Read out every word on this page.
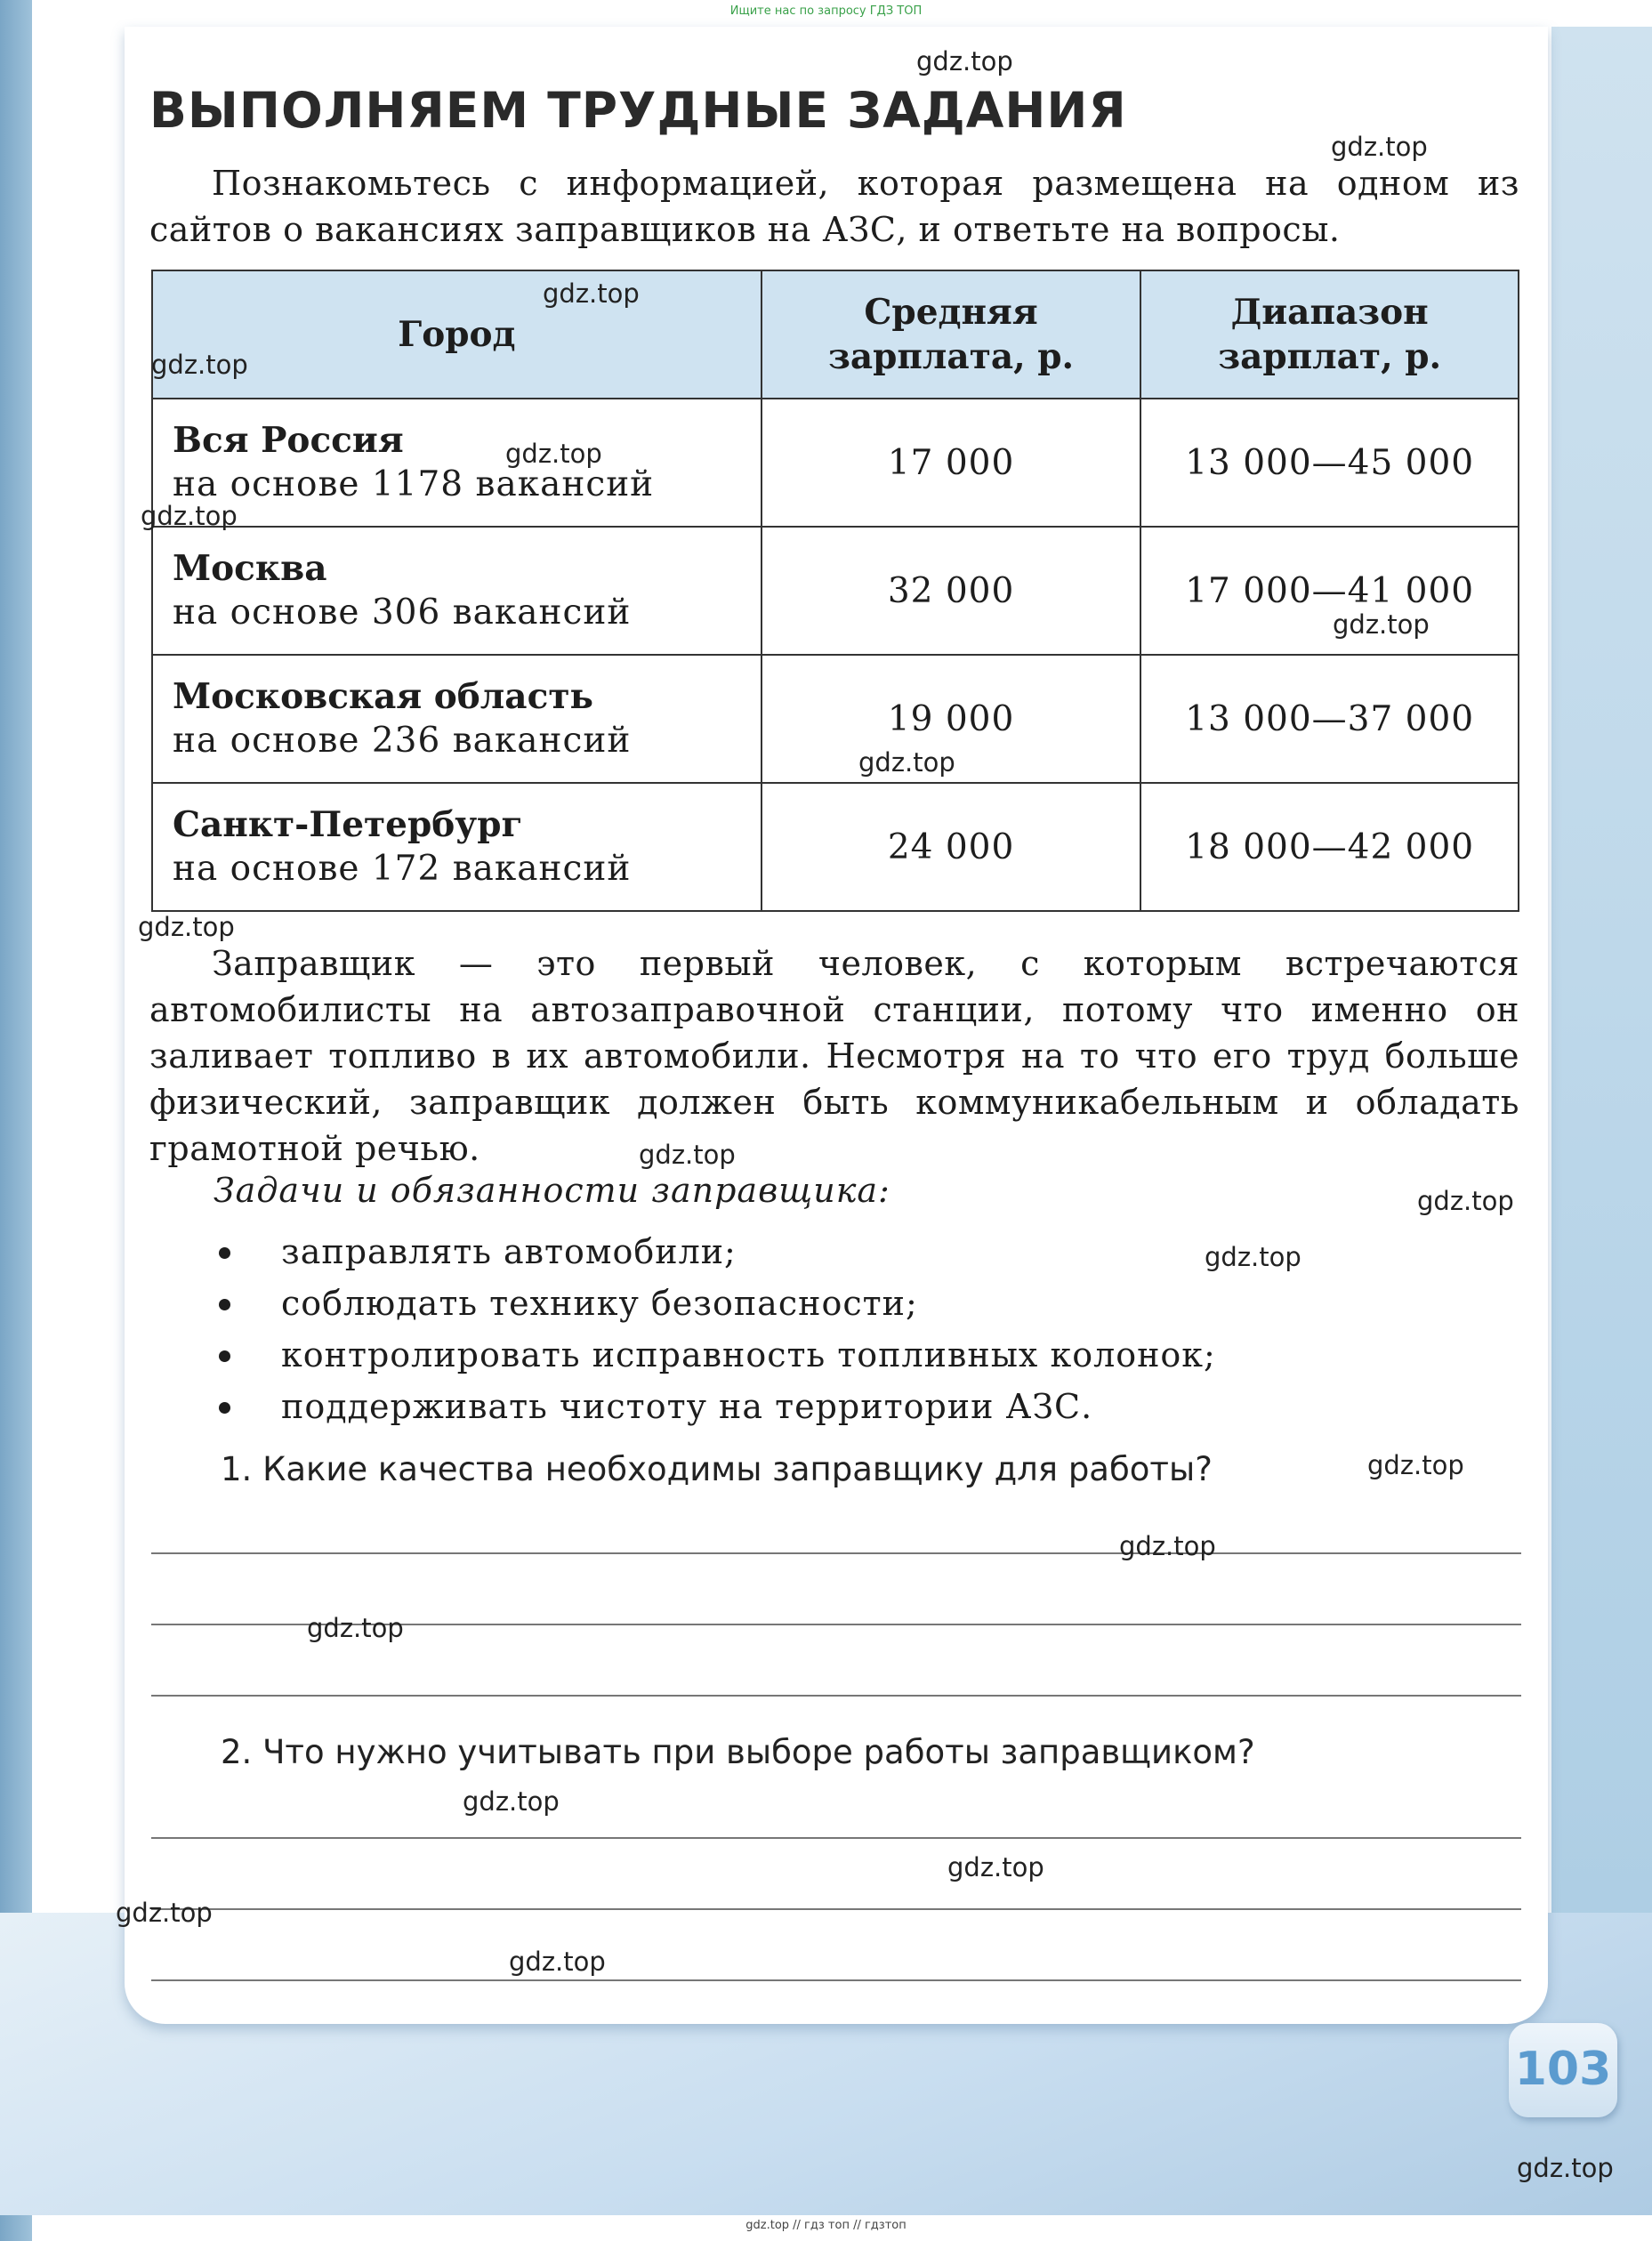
Ищите нас по запросу ГДЗ ТОП
ВЫПОЛНЯЕМ ТРУДНЫЕ ЗАДАНИЯ
Познакомьтесь с информацией, которая размещена на одном из сайтов о вакансиях заправщиков на АЗС, и ответьте на вопросы.
Город	Средняя зарплата, р.	Диапазон зарплат, р.

Вся Россия
на основе 1178 вакансий	17 000	13 000—45 000

Москва
на основе 306 вакансий	32 000	17 000—41 000

Московская область
на основе 236 вакансий	19 000	13 000—37 000

Санкт-Петербург
на основе 172 вакансий	24 000	18 000—42 000
Заправщик — это первый человек, с которым встречаются автомобилисты на автозаправочной станции, потому что именно он заливает топливо в их автомобили. Несмотря на то что его труд больше физический, заправщик должен быть коммуникабельным и обладать грамотной речью.
Задачи и обязанности заправщика:
заправлять автомобили;
соблюдать технику безопасности;
контролировать исправность топливных колонок;
поддерживать чистоту на территории АЗС.
1. Какие качества необходимы заправщику для работы?
2. Что нужно учитывать при выборе работы заправщиком?
103
gdz.top
gdz.top
gdz.top
gdz.top
gdz.top
gdz.top
gdz.top
gdz.top
gdz.top
gdz.top
gdz.top
gdz.top
gdz.top
gdz.top
gdz.top
gdz.top
gdz.top
gdz.top
gdz.top
gdz.top
gdz.top // гдз топ // гдзтоп
